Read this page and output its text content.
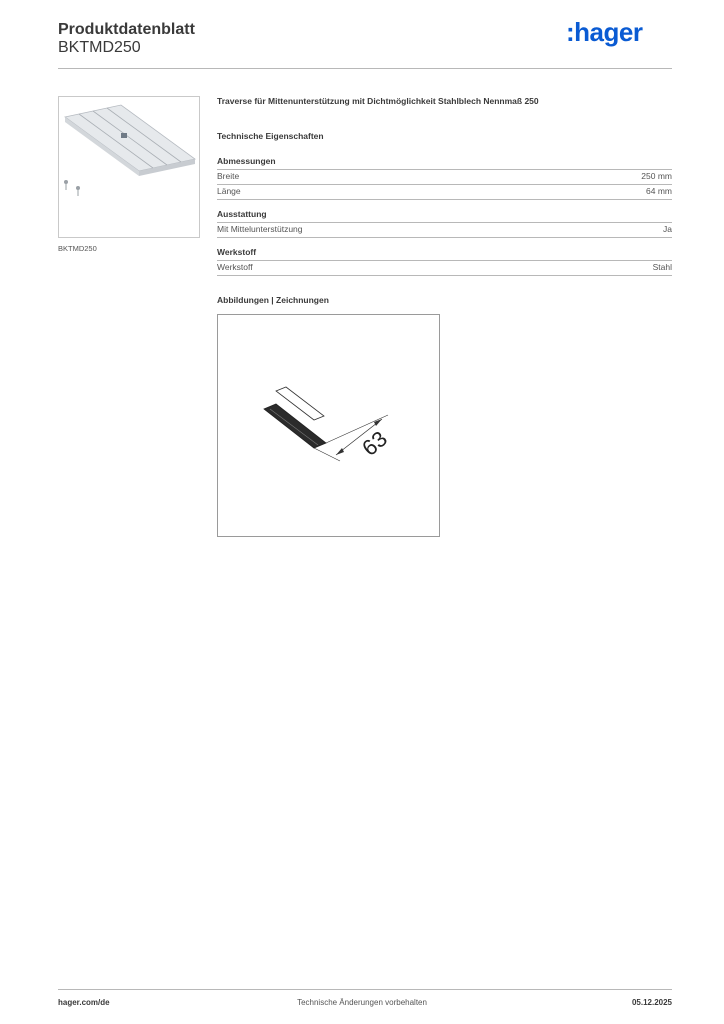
Produktdatenblatt
BKTMD250
:hager
BKTMD250
Traverse für Mittenunterstützung mit Dichtmöglichkeit Stahlblech Nennmaß 250
Technische Eigenschaften
Abmessungen
Breite	250 mm
Länge	64 mm
Ausstattung
Mit Mittelunterstützung	Ja
Werkstoff
Werkstoff	Stahl
Abbildungen | Zeichnungen
63
Technische Änderungen vorbehalten
hager.com/de	05.12.2025
